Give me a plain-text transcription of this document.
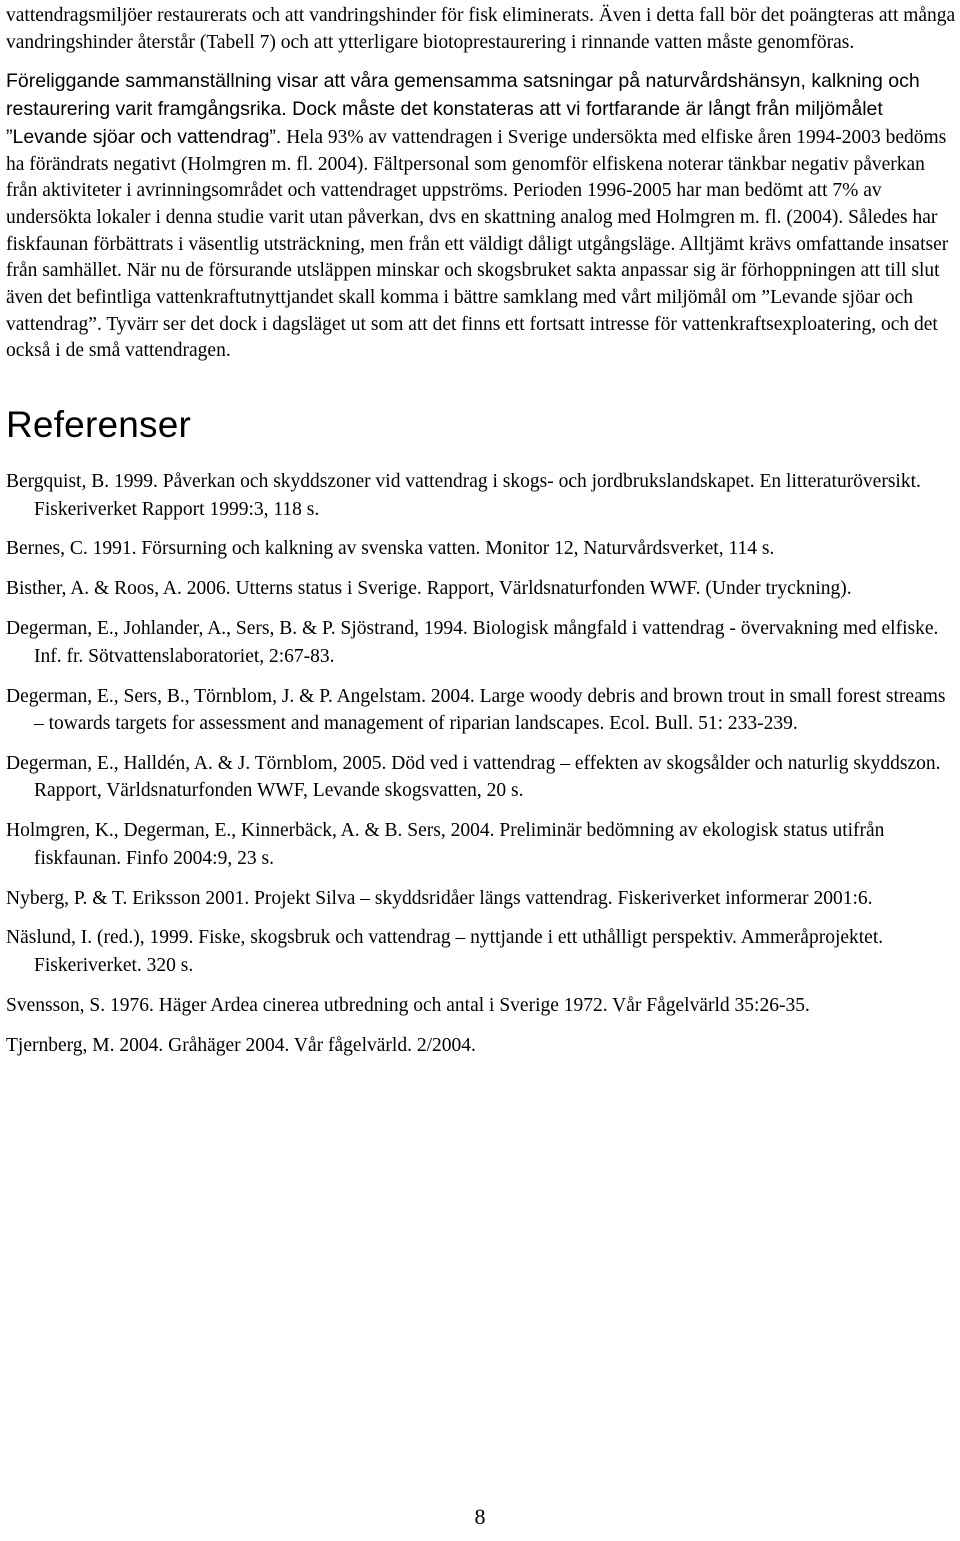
vattendragsmiljöer restaurerats och att vandringshinder för fisk eliminerats. Även i detta fall bör det poängteras att många vandringshinder återstår (Tabell 7) och att ytterligare biotoprestaurering i rinnande vatten måste genomföras.

Föreliggande sammanställning visar att våra gemensamma satsningar på naturvårdshänsyn, kalkning och restaurering varit framgångsrika. Dock måste det konstateras att vi fortfarande är långt från miljömålet ”Levande sjöar och vattendrag”. Hela 93% av vattendragen i Sverige undersökta med elfiske åren 1994-2003 bedöms ha förändrats negativt (Holmgren m. fl. 2004). Fältpersonal som genomför elfiskena noterar tänkbar negativ påverkan från aktiviteter i avrinningsområdet och vattendraget uppströms. Perioden 1996-2005 har man bedömt att 7% av undersökta lokaler i denna studie varit utan påverkan, dvs en skattning analog med Holmgren m. fl. (2004). Således har fiskfaunan förbättrats i väsentlig utsträckning, men från ett väldigt dåligt utgångsläge. Alltjämt krävs omfattande insatser från samhället. När nu de försurande utsläppen minskar och skogsbruket sakta anpassar sig är förhoppningen att till slut även det befintliga vattenkraftutnyttjandet skall komma i bättre samklang med vårt miljömål om ”Levande sjöar och vattendrag”. Tyvärr ser det dock i dagsläget ut som att det finns ett fortsatt intresse för vattenkraftsexploatering, och det också i de små vattendragen.

Referenser
Bergquist, B. 1999. Påverkan och skyddszoner vid vattendrag i skogs- och jordbrukslandskapet. En litteraturöversikt. Fiskeriverket Rapport 1999:3, 118 s.
Bernes, C. 1991. Försurning och kalkning av svenska vatten. Monitor 12, Naturvårdsverket, 114 s.
Bisther, A. & Roos, A. 2006. Utterns status i Sverige. Rapport, Världsnaturfonden WWF. (Under tryckning).
Degerman, E., Johlander, A., Sers, B. & P. Sjöstrand, 1994. Biologisk mångfald i vattendrag - övervakning med elfiske. Inf. fr. Sötvattenslaboratoriet, 2:67-83.
Degerman, E., Sers, B., Törnblom, J. & P. Angelstam. 2004. Large woody debris and brown trout in small forest streams – towards targets for assessment and management of riparian landscapes. Ecol. Bull. 51: 233-239.
Degerman, E., Halldén, A. & J. Törnblom, 2005. Död ved i vattendrag – effekten av skogsålder och naturlig skyddszon. Rapport, Världsnaturfonden WWF, Levande skogsvatten, 20 s.
Holmgren, K., Degerman, E., Kinnerbäck, A. & B. Sers, 2004. Preliminär bedömning av ekologisk status utifrån fiskfaunan. Finfo 2004:9, 23 s.
Nyberg, P. & T. Eriksson 2001. Projekt Silva – skyddsridåer längs vattendrag. Fiskeriverket informerar 2001:6.
Näslund, I. (red.), 1999. Fiske, skogsbruk och vattendrag – nyttjande i ett uthålligt perspektiv. Ammeråprojektet. Fiskeriverket. 320 s.
Svensson, S. 1976. Häger Ardea cinerea utbredning och antal i Sverige 1972. Vår Fågelvärld 35:26-35.
Tjernberg, M. 2004. Gråhäger 2004. Vår fågelvärld. 2/2004.
8
